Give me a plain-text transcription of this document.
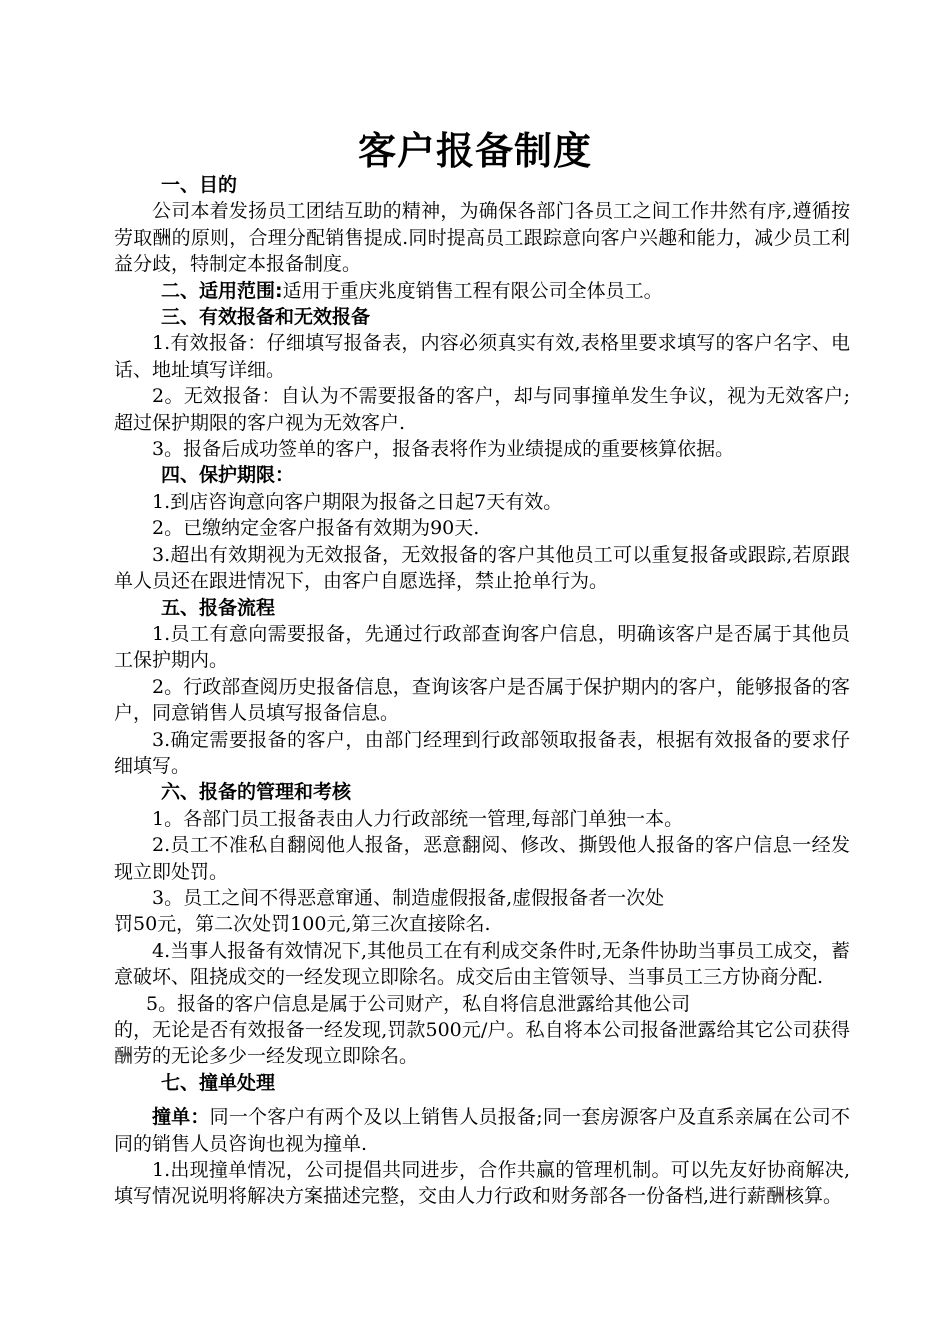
客户报备制度

一、目的

公司本着发扬员工团结互助的精神，为确保各部门各员工之间工作井然有序,遵循按劳取酬的原则，合理分配销售提成.同时提高员工跟踪意向客户兴趣和能力，减少员工利益分歧，特制定本报备制度。

二、适用范围:适用于重庆兆度销售工程有限公司全体员工。

三、有效报备和无效报备

1.有效报备：仔细填写报备表，内容必须真实有效,表格里要求填写的客户名字、电话、地址填写详细。

2。无效报备：自认为不需要报备的客户，却与同事撞单发生争议，视为无效客户;超过保护期限的客户视为无效客户.

3。报备后成功签单的客户，报备表将作为业绩提成的重要核算依据。

四、保护期限：

1.到店咨询意向客户期限为报备之日起7天有效。

2。已缴纳定金客户报备有效期为90天.

3.超出有效期视为无效报备，无效报备的客户其他员工可以重复报备或跟踪,若原跟单人员还在跟进情况下，由客户自愿选择，禁止抢单行为。

五、报备流程

1.员工有意向需要报备，先通过行政部查询客户信息，明确该客户是否属于其他员工保护期内。

2。行政部查阅历史报备信息，查询该客户是否属于保护期内的客户，能够报备的客户，同意销售人员填写报备信息。

3.确定需要报备的客户，由部门经理到行政部领取报备表，根据有效报备的要求仔细填写。

六、报备的管理和考核

1。各部门员工报备表由人力行政部统一管理,每部门单独一本。

2.员工不准私自翻阅他人报备，恶意翻阅、修改、撕毁他人报备的客户信息一经发现立即处罚。

3。员工之间不得恶意窜通、制造虚假报备,虚假报备者一次处

罚50元，第二次处罚100元,第三次直接除名.

4.当事人报备有效情况下,其他员工在有利成交条件时,无条件协助当事员工成交，蓄意破坏、阻挠成交的一经发现立即除名。成交后由主管领导、当事员工三方协商分配.

5。报备的客户信息是属于公司财产，私自将信息泄露给其他公司

的，无论是否有效报备一经发现,罚款500元/户。私自将本公司报备泄露给其它公司获得酬劳的无论多少一经发现立即除名。

七、撞单处理

撞单：同一个客户有两个及以上销售人员报备;同一套房源客户及直系亲属在公司不同的销售人员咨询也视为撞单.

1.出现撞单情况，公司提倡共同进步，合作共赢的管理机制。可以先友好协商解决,填写情况说明将解决方案描述完整，交由人力行政和财务部各一份备档,进行薪酬核算。
